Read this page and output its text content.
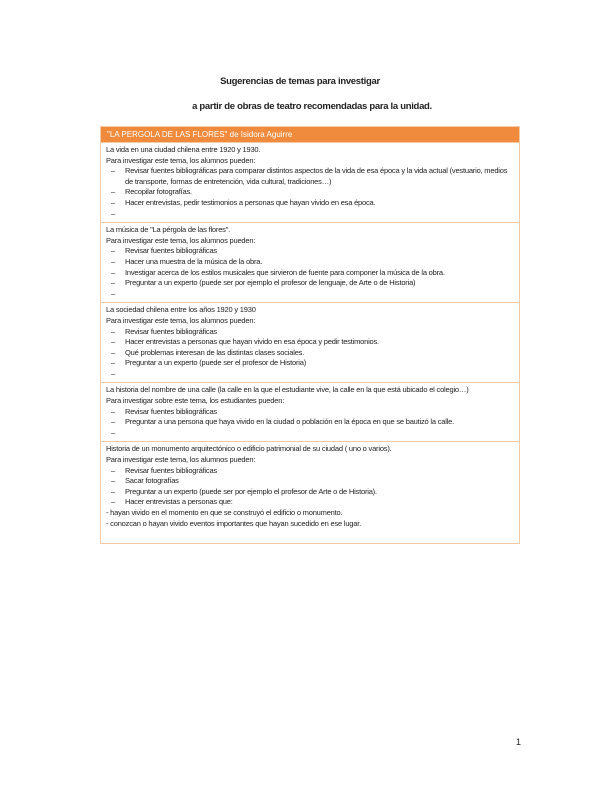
Sugerencias de temas para investigar
a partir de obras de teatro recomendadas para la unidad.
"LA PERGOLA DE LAS FLORES" de Isidora Aguirre

La vida en una ciudad chilena entre 1920 y 1930.

Para investigar este tema, los alumnos pueden:

– Revisar fuentes bibliográficas para comparar distintos aspectos de la vida de esa época y la vida actual (vestuario, medios de transporte, formas de entretención, vida cultural, tradiciones…)
– Recopilar fotografías.
– Hacer entrevistas, pedir testimonios a personas que hayan vivido en esa época.
–

La música de "La pérgola de las flores".

Para investigar este tema, los alumnos pueden:

– Revisar fuentes bibliográficas
– Hacer una muestra de la música de la obra.
– Investigar acerca de los estilos musicales que sirvieron de fuente para componer la música de la obra.
– Preguntar a un experto (puede ser por ejemplo el profesor de lenguaje, de Arte o de Historia)
–

La sociedad chilena entre los años 1920 y 1930

Para investigar este tema, los alumnos pueden:

– Revisar fuentes bibliográficas
– Hacer entrevistas a personas que hayan vivido en esa época y pedir testimonios.
– Qué problemas interesan de las distintas clases sociales.
– Preguntar a un experto (puede ser el profesor de Historia)
–

La historia del nombre de una calle (la calle en la que el estudiante vive, la calle en la que está ubicado el colegio…)

Para investigar sobre este tema, los estudiantes pueden:

– Revisar fuentes bibliográficas
– Preguntar a una persona que haya vivido en la ciudad o población en la época en que se bautizó la calle.
–

Historia de un monumento arquitectónico o edificio patrimonial de su ciudad ( uno o varios).

Para investigar este tema, los alumnos pueden:

– Revisar fuentes bibliográficas
– Sacar fotografías
– Preguntar a un experto (puede ser por ejemplo el profesor de Arte o de Historia).
– Hacer entrevistas a personas que:
- hayan vivido en el momento en que se construyó el edificio o monumento.
- conozcan o hayan vivido eventos importantes que hayan sucedido en ese lugar.
1
